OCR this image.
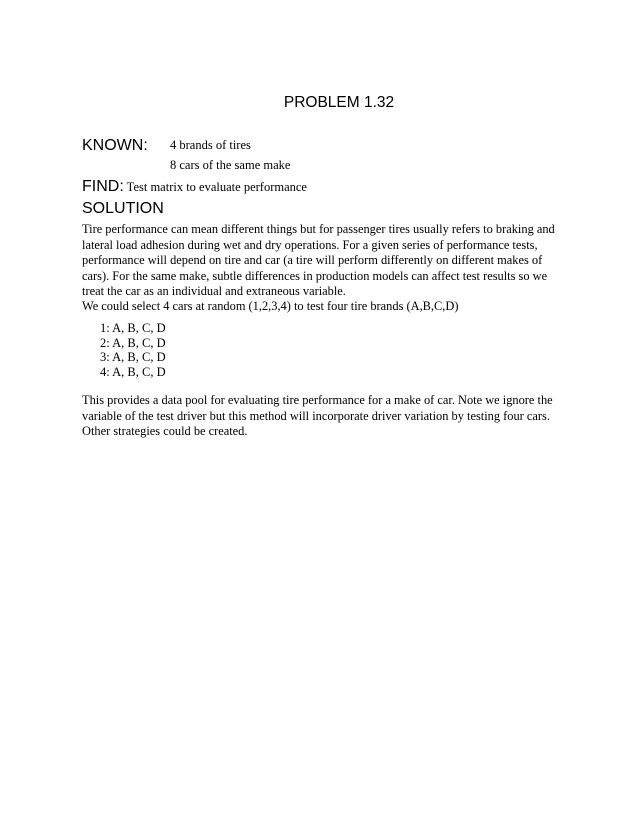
PROBLEM 1.32
KNOWN: 4 brands of tires
8 cars of the same make
FIND: Test matrix to evaluate performance
SOLUTION
Tire performance can mean different things but for passenger tires usually refers to braking and lateral load adhesion during wet and dry operations. For a given series of performance tests, performance will depend on tire and car (a tire will perform differently on different makes of cars). For the same make, subtle differences in production models can affect test results so we treat the car as an individual and extraneous variable.
We could select 4 cars at random (1,2,3,4) to test four tire brands (A,B,C,D)
1: A, B, C, D
2: A, B, C, D
3: A, B, C, D
4: A, B, C, D
This provides a data pool for evaluating tire performance for a make of car. Note we ignore the variable of the test driver but this method will incorporate driver variation by testing four cars. Other strategies could be created.
